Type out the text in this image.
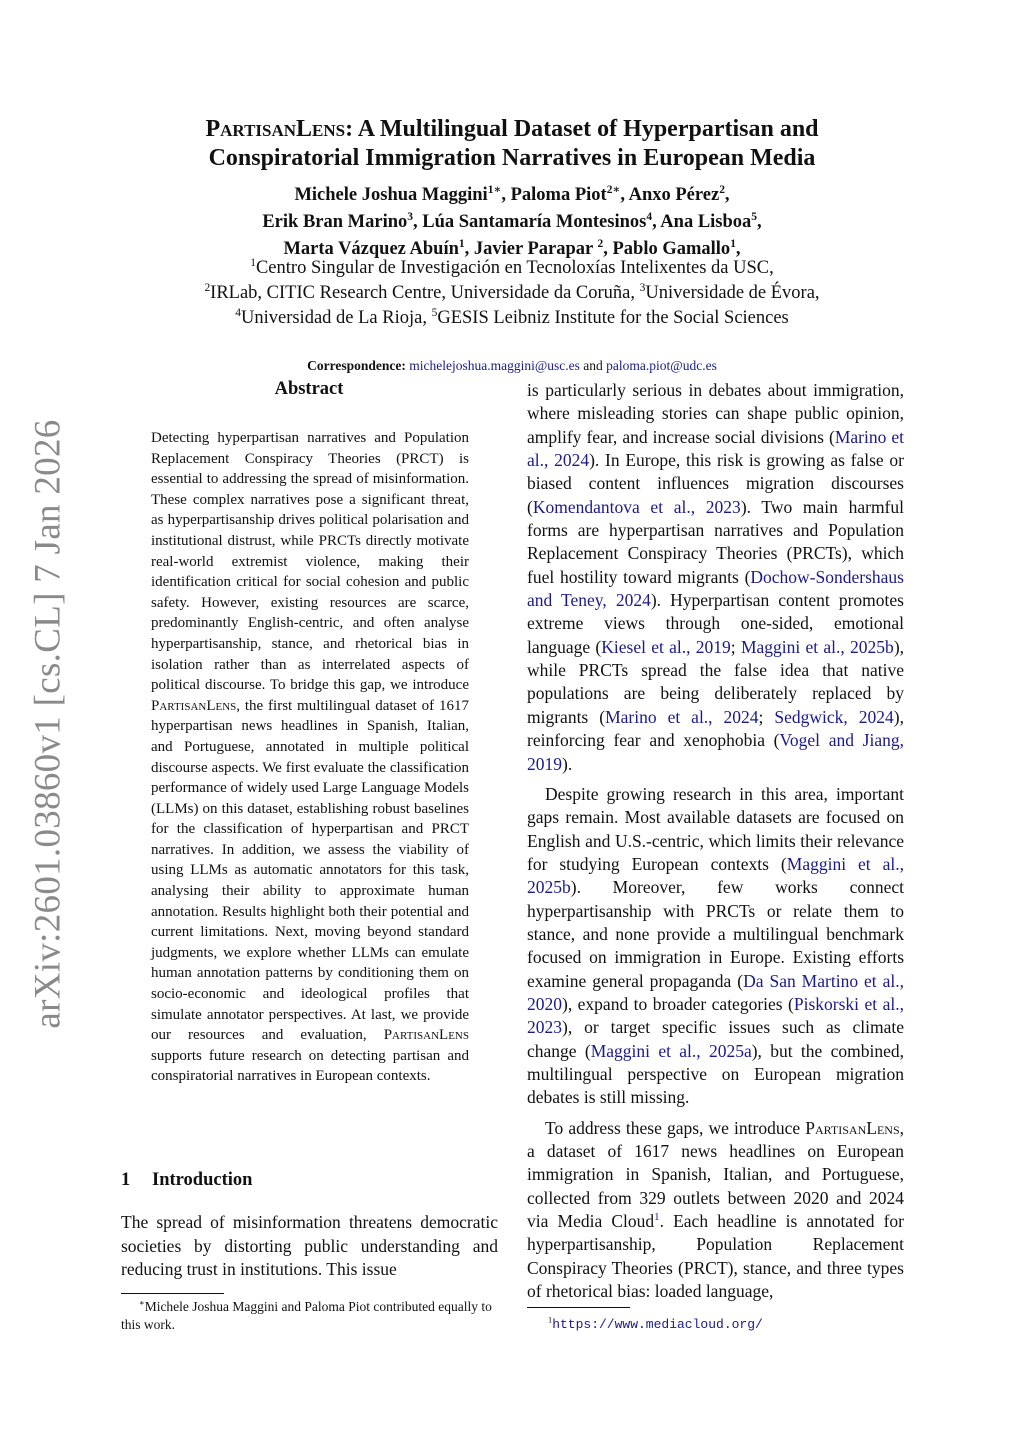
arXiv:2601.03860v1 [cs.CL] 7 Jan 2026
PartisanLens: A Multilingual Dataset of Hyperpartisan and
Conspiratorial Immigration Narratives in European Media
Michele Joshua Maggini$^{1∗}$, Paloma Piot$^{2∗}$, Anxo Pérez$^2$,
Erik Bran Marino$^3$, Lúa Santamaría Montesinos$^4$, Ana Lisboa$^5$,
Marta Vázquez Abuín$^1$, Javier Parapar $^2$, Pablo Gamallo$^1$,
$^1$Centro Singular de Investigación en Tecnoloxías Intelixentes da USC,
$^2$IRLab, CITIC Research Centre, Universidade da Coruña, $^3$Universidade de Évora,
$^4$Universidad de La Rioja, $^5$GESIS Leibniz Institute for the Social Sciences
Correspondence: michelejoshua.maggini@usc.es and paloma.piot@udc.es
Abstract
Detecting hyperpartisan narratives and Population Replacement Conspiracy Theories (PRCT) is essential to addressing the spread of misinformation. These complex narratives pose a significant threat, as hyperpartisanship drives political polarisation and institutional distrust, while PRCTs directly motivate real-world extremist violence, making their identification critical for social cohesion and public safety. However, existing resources are scarce, predominantly English-centric, and often analyse hyperpartisanship, stance, and rhetorical bias in isolation rather than as interrelated aspects of political discourse. To bridge this gap, we introduce PartisanLens, the first multilingual dataset of 1617 hyperpartisan news headlines in Spanish, Italian, and Portuguese, annotated in multiple political discourse aspects. We first evaluate the classification performance of widely used Large Language Models (LLMs) on this dataset, establishing robust baselines for the classification of hyperpartisan and PRCT narratives. In addition, we assess the viability of using LLMs as automatic annotators for this task, analysing their ability to approximate human annotation. Results highlight both their potential and current limitations. Next, moving beyond standard judgments, we explore whether LLMs can emulate human annotation patterns by conditioning them on socio-economic and ideological profiles that simulate annotator perspectives. At last, we provide our resources and evaluation, PartisanLens supports future research on detecting partisan and conspiratorial narratives in European contexts.
1 Introduction
The spread of misinformation threatens democratic societies by distorting public understanding and reducing trust in institutions. This issue
∗Michele Joshua Maggini and Paloma Piot contributed equally to this work.

is particularly serious in debates about immigration, where misleading stories can shape public opinion, amplify fear, and increase social divisions (Marino et al., 2024). In Europe, this risk is growing as false or biased content influences migration discourses (Komendantova et al., 2023). Two main harmful forms are hyperpartisan narratives and Population Replacement Conspiracy Theories (PRCTs), which fuel hostility toward migrants (Dochow-Sondershaus and Teney, 2024). Hyperpartisan content promotes extreme views through one-sided, emotional language (Kiesel et al., 2019; Maggini et al., 2025b), while PRCTs spread the false idea that native populations are being deliberately replaced by migrants (Marino et al., 2024; Sedgwick, 2024), reinforcing fear and xenophobia (Vogel and Jiang, 2019).

Despite growing research in this area, important gaps remain. Most available datasets are focused on English and U.S.-centric, which limits their relevance for studying European contexts (Maggini et al., 2025b). Moreover, few works connect hyperpartisanship with PRCTs or relate them to stance, and none provide a multilingual benchmark focused on immigration in Europe. Existing efforts examine general propaganda (Da San Martino et al., 2020), expand to broader categories (Piskorski et al., 2023), or target specific issues such as climate change (Maggini et al., 2025a), but the combined, multilingual perspective on European migration debates is still missing.

To address these gaps, we introduce PartisanLens, a dataset of 1617 news headlines on European immigration in Spanish, Italian, and Portuguese, collected from 329 outlets between 2020 and 2024 via Media Cloud$^1$. Each headline is annotated for hyperpartisanship, Population Replacement Conspiracy Theories (PRCT), stance, and three types of rhetorical bias: loaded language,

$^1$https://www.mediacloud.org/
